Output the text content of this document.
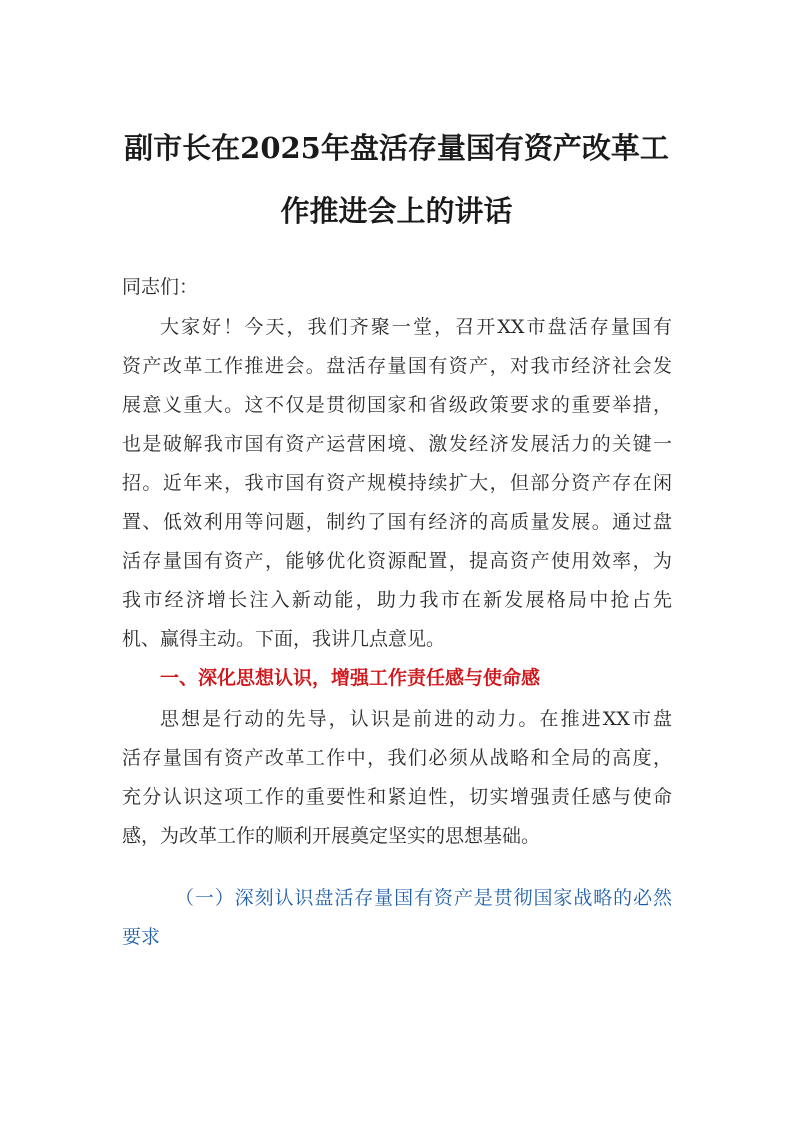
副市长在2025年盘活存量国有资产改革工
作推进会上的讲话
同志们：
大家好！今天，我们齐聚一堂，召开XX市盘活存量国有
资产改革工作推进会。盘活存量国有资产，对我市经济社会发
展意义重大。这不仅是贯彻国家和省级政策要求的重要举措，
也是破解我市国有资产运营困境、激发经济发展活力的关键一
招。近年来，我市国有资产规模持续扩大，但部分资产存在闲
置、低效利用等问题，制约了国有经济的高质量发展。通过盘
活存量国有资产，能够优化资源配置，提高资产使用效率，为
我市经济增长注入新动能，助力我市在新发展格局中抢占先
机、赢得主动。下面，我讲几点意见。
一、深化思想认识，增强工作责任感与使命感
思想是行动的先导，认识是前进的动力。在推进XX市盘
活存量国有资产改革工作中，我们必须从战略和全局的高度，
充分认识这项工作的重要性和紧迫性，切实增强责任感与使命
感，为改革工作的顺利开展奠定坚实的思想基础。
（一）深刻认识盘活存量国有资产是贯彻国家战略的必然
要求
